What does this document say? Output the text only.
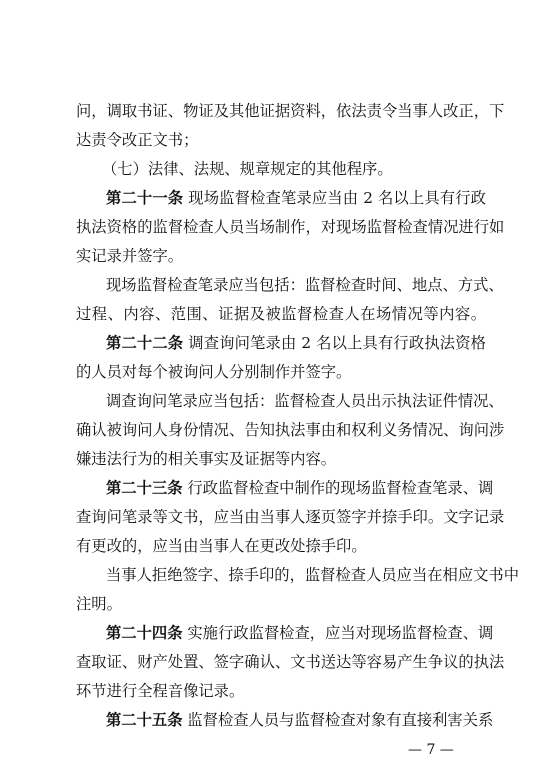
问，调取书证、物证及其他证据资料，依法责令当事人改正，下
达责令改正文书；
（七）法律、法规、规章规定的其他程序。
第二十一条 现场监督检查笔录应当由 2 名以上具有行政
执法资格的监督检查人员当场制作，对现场监督检查情况进行如
实记录并签字。
现场监督检查笔录应当包括：监督检查时间、地点、方式、
过程、内容、范围、证据及被监督检查人在场情况等内容。
第二十二条 调查询问笔录由 2 名以上具有行政执法资格
的人员对每个被询问人分别制作并签字。
调查询问笔录应当包括：监督检查人员出示执法证件情况、
确认被询问人身份情况、告知执法事由和权利义务情况、询问涉
嫌违法行为的相关事实及证据等内容。
第二十三条 行政监督检查中制作的现场监督检查笔录、调
查询问笔录等文书，应当由当事人逐页签字并捺手印。文字记录
有更改的，应当由当事人在更改处捺手印。
当事人拒绝签字、捺手印的，监督检查人员应当在相应文书中
注明。
第二十四条 实施行政监督检查，应当对现场监督检查、调
查取证、财产处置、签字确认、文书送达等容易产生争议的执法
环节进行全程音像记录。
第二十五条 监督检查人员与监督检查对象有直接利害关系
— 7 —
